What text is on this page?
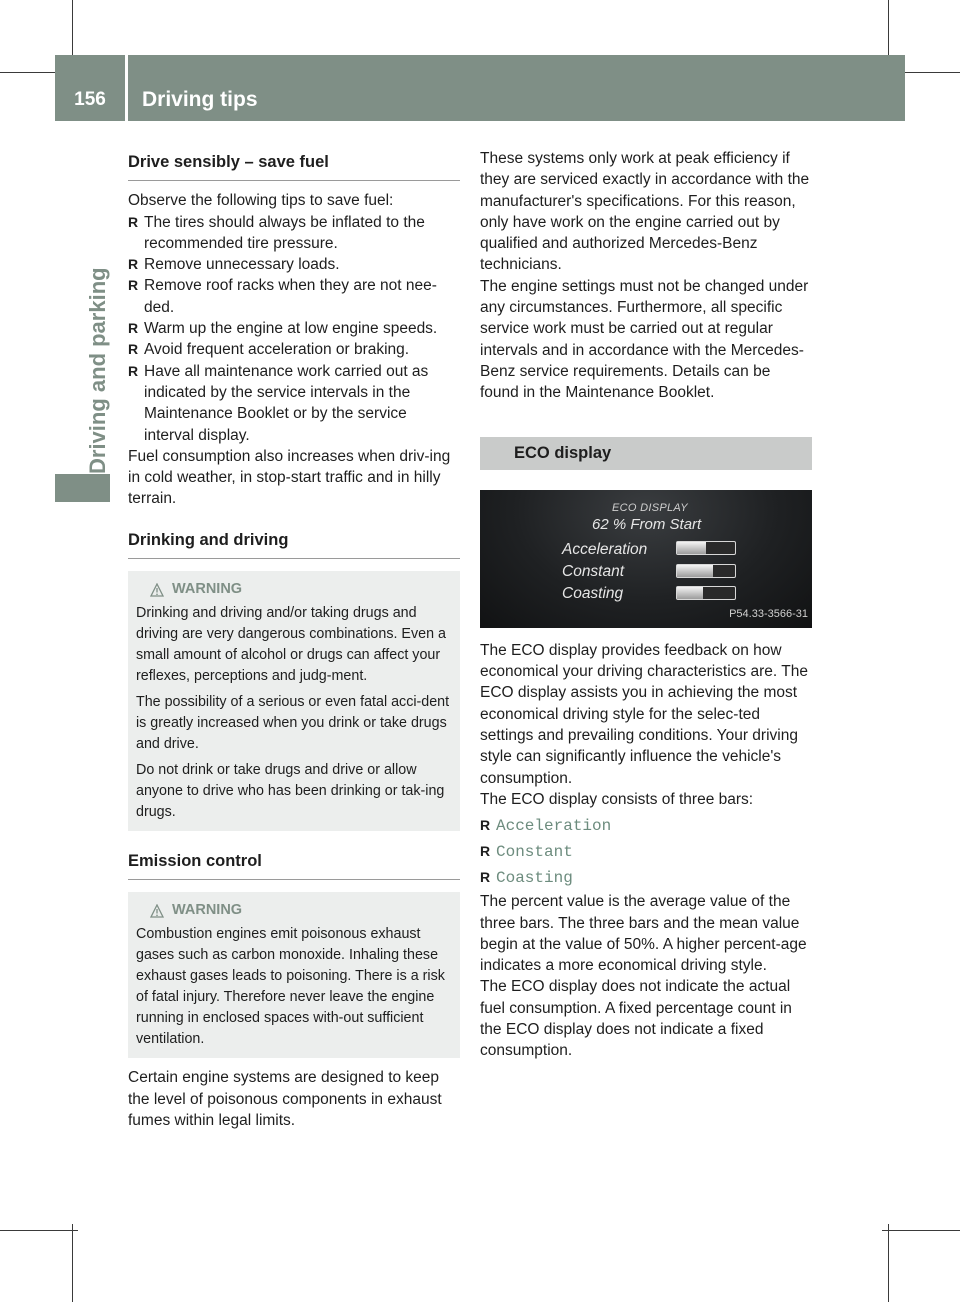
156	Driving tips
Driving and parking
Drive sensibly – save fuel

Observe the following tips to save fuel:

R The tires should always be inflated to the recommended tire pressure.
R Remove unnecessary loads.
R Remove roof racks when they are not nee-ded.
R Warm up the engine at low engine speeds.
R Avoid frequent acceleration or braking.
R Have all maintenance work carried out as indicated by the service intervals in the Maintenance Booklet or by the service interval display.

Fuel consumption also increases when driv-ing in cold weather, in stop-start traffic and in hilly terrain.

Drinking and driving
WARNING

Drinking and driving and/or taking drugs and driving are very dangerous combinations. Even a small amount of alcohol or drugs can affect your reflexes, perceptions and judg-ment.

The possibility of a serious or even fatal acci-dent is greatly increased when you drink or take drugs and drive.

Do not drink or take drugs and drive or allow anyone to drive who has been drinking or tak-ing drugs.

Emission control
WARNING

Combustion engines emit poisonous exhaust gases such as carbon monoxide. Inhaling these exhaust gases leads to poisoning. There is a risk of fatal injury. Therefore never leave the engine running in enclosed spaces with-out sufficient ventilation.

Certain engine systems are designed to keep the level of poisonous components in exhaust fumes within legal limits.

These systems only work at peak efficiency if they are serviced exactly in accordance with the manufacturer's specifications. For this reason, only have work on the engine carried out by qualified and authorized Mercedes-Benz technicians.

The engine settings must not be changed under any circumstances. Furthermore, all specific service work must be carried out at regular intervals and in accordance with the Mercedes-Benz service requirements. Details can be found in the Maintenance Booklet.

ECO display
ECO DISPLAY
62 % From Start
Acceleration
Constant
Coasting
P54.33-3566-31

The ECO display provides feedback on how economical your driving characteristics are. The ECO display assists you in achieving the most economical driving style for the selec-ted settings and prevailing conditions. Your driving style can significantly influence the vehicle's consumption.

The ECO display consists of three bars:

R Acceleration
R Constant
R Coasting

The percent value is the average value of the three bars. The three bars and the mean value begin at the value of 50%. A higher percent-age indicates a more economical driving style.

The ECO display does not indicate the actual fuel consumption. A fixed percentage count in the ECO display does not indicate a fixed consumption.
